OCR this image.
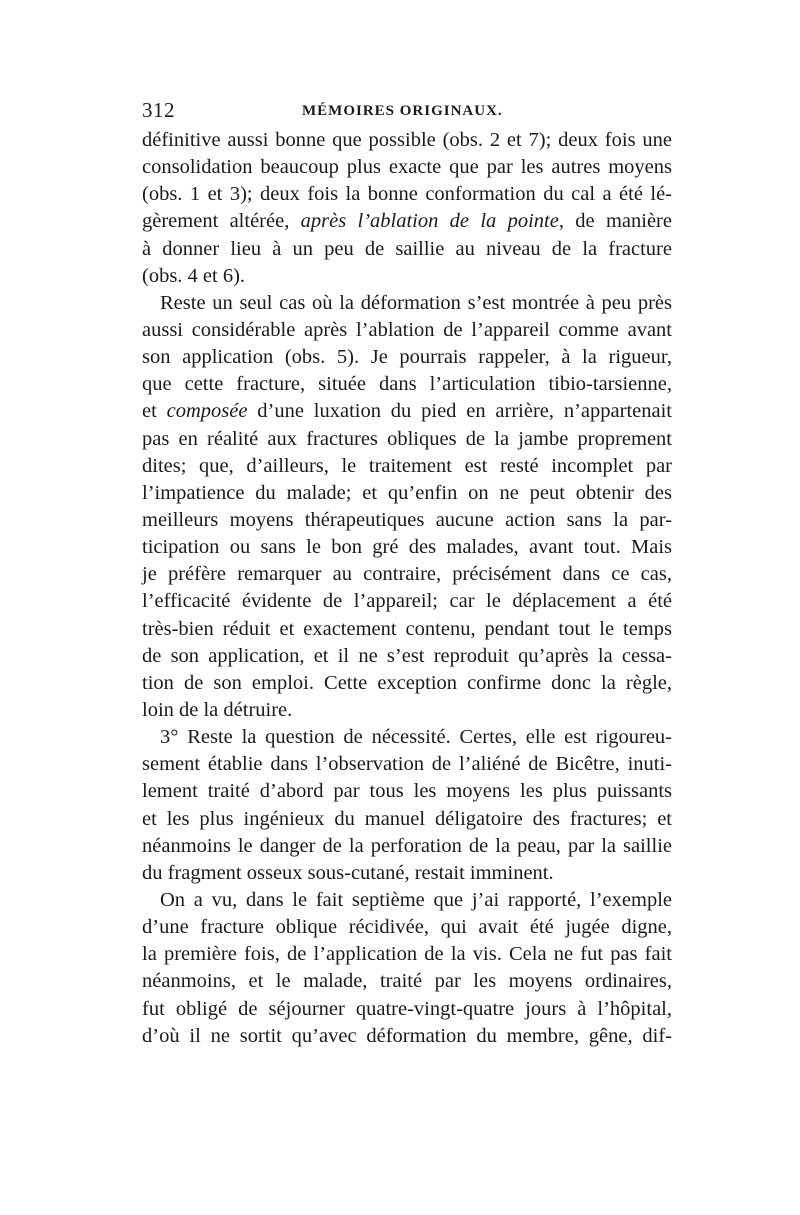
312	MÉMOIRES ORIGINAUX.
définitive aussi bonne que possible (obs. 2 et 7); deux fois une
consolidation beaucoup plus exacte que par les autres moyens
(obs. 1 et 3); deux fois la bonne conformation du cal a été lé-
gèrement altérée, après l’ablation de la pointe, de manière
à donner lieu à un peu de saillie au niveau de la fracture
(obs. 4 et 6).
Reste un seul cas où la déformation s’est montrée à peu près
aussi considérable après l’ablation de l’appareil comme avant
son application (obs. 5). Je pourrais rappeler, à la rigueur,
que cette fracture, située dans l’articulation tibio-tarsienne,
et composée d’une luxation du pied en arrière, n’appartenait
pas en réalité aux fractures obliques de la jambe proprement
dites; que, d’ailleurs, le traitement est resté incomplet par
l’impatience du malade; et qu’enfin on ne peut obtenir des
meilleurs moyens thérapeutiques aucune action sans la par-
ticipation ou sans le bon gré des malades, avant tout. Mais
je préfère remarquer au contraire, précisément dans ce cas,
l’efficacité évidente de l’appareil; car le déplacement a été
très-bien réduit et exactement contenu, pendant tout le temps
de son application, et il ne s’est reproduit qu’après la cessa-
tion de son emploi. Cette exception confirme donc la règle,
loin de la détruire.
3° Reste la question de nécessité. Certes, elle est rigoureu-
sement établie dans l’observation de l’aliéné de Bicêtre, inuti-
lement traité d’abord par tous les moyens les plus puissants
et les plus ingénieux du manuel déligatoire des fractures; et
néanmoins le danger de la perforation de la peau, par la saillie
du fragment osseux sous-cutané, restait imminent.
On a vu, dans le fait septième que j’ai rapporté, l’exemple
d’une fracture oblique récidivée, qui avait été jugée digne,
la première fois, de l’application de la vis. Cela ne fut pas fait
néanmoins, et le malade, traité par les moyens ordinaires,
fut obligé de séjourner quatre-vingt-quatre jours à l’hôpital,
d’où il ne sortit qu’avec déformation du membre, gêne, dif-
